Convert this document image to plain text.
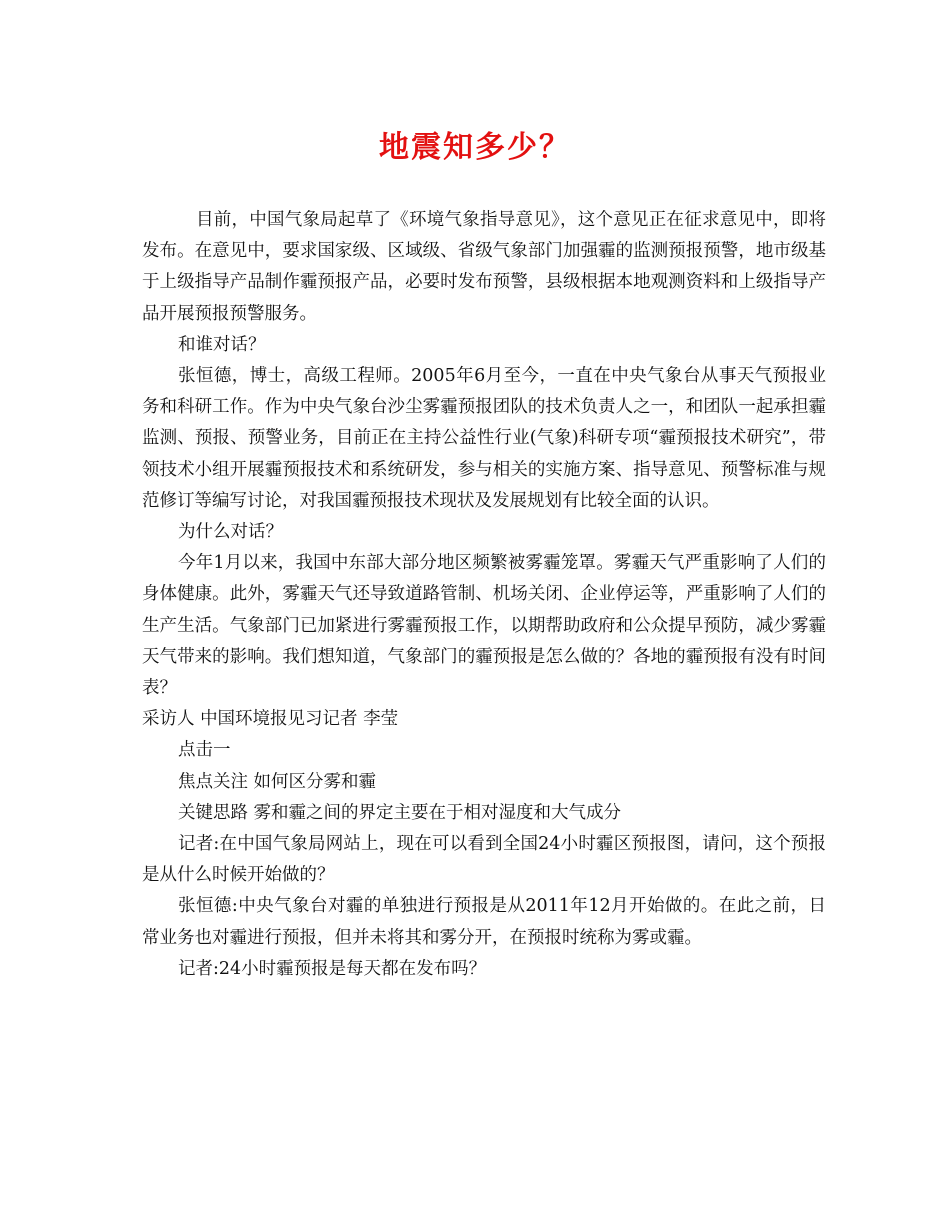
地震知多少？

目前，中国气象局起草了《环境气象指导意见》，这个意见正在征求意见中，即将发布。在意见中，要求国家级、区域级、省级气象部门加强霾的监测预报预警，地市级基于上级指导产品制作霾预报产品，必要时发布预警，县级根据本地观测资料和上级指导产品开展预报预警服务。

和谁对话？

张恒德，博士，高级工程师。2005年6月至今，一直在中央气象台从事天气预报业务和科研工作。作为中央气象台沙尘雾霾预报团队的技术负责人之一，和团队一起承担霾监测、预报、预警业务，目前正在主持公益性行业(气象)科研专项“霾预报技术研究”，带领技术小组开展霾预报技术和系统研发，参与相关的实施方案、指导意见、预警标准与规范修订等编写讨论，对我国霾预报技术现状及发展规划有比较全面的认识。

为什么对话？

今年1月以来，我国中东部大部分地区频繁被雾霾笼罩。雾霾天气严重影响了人们的身体健康。此外，雾霾天气还导致道路管制、机场关闭、企业停运等，严重影响了人们的生产生活。气象部门已加紧进行雾霾预报工作，以期帮助政府和公众提早预防，减少雾霾天气带来的影响。我们想知道，气象部门的霾预报是怎么做的？各地的霾预报有没有时间表？

采访人 中国环境报见习记者 李莹

点击一

焦点关注 如何区分雾和霾

关键思路 雾和霾之间的界定主要在于相对湿度和大气成分

记者:在中国气象局网站上，现在可以看到全国24小时霾区预报图，请问，这个预报是从什么时候开始做的？

张恒德:中央气象台对霾的单独进行预报是从2011年12月开始做的。在此之前，日常业务也对霾进行预报，但并未将其和雾分开，在预报时统称为雾或霾。

记者:24小时霾预报是每天都在发布吗？
